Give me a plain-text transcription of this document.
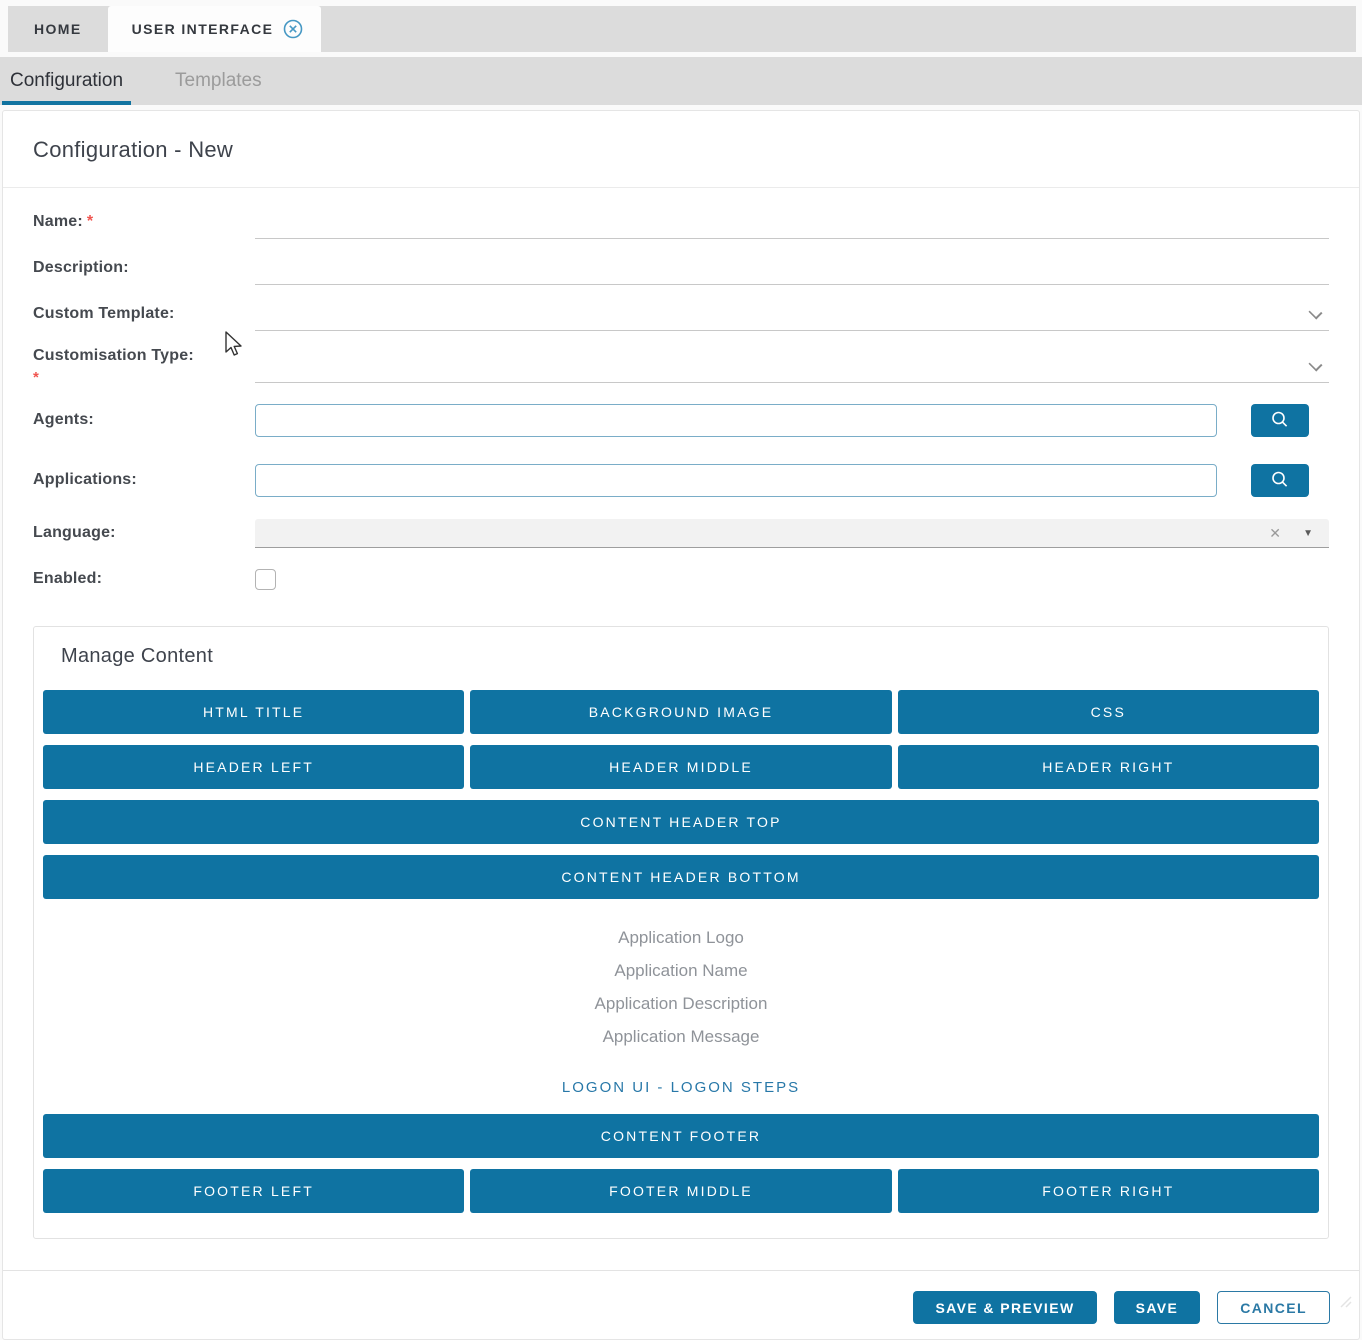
HOME	USER INTERFACE
Configuration	Templates
Configuration - New
Name: *
Description:
Custom Template:
Customisation Type:
*
Agents:
Applications:
Language:	✕ ▼
Enabled:
Manage Content
HTML TITLE	BACKGROUND IMAGE	CSS
HEADER LEFT	HEADER MIDDLE	HEADER RIGHT
CONTENT HEADER TOP
CONTENT HEADER BOTTOM
Application Logo
Application Name
Application Description
Application Message
LOGON UI - LOGON STEPS
CONTENT FOOTER
FOOTER LEFT	FOOTER MIDDLE	FOOTER RIGHT
SAVE & PREVIEW	SAVE	CANCEL
